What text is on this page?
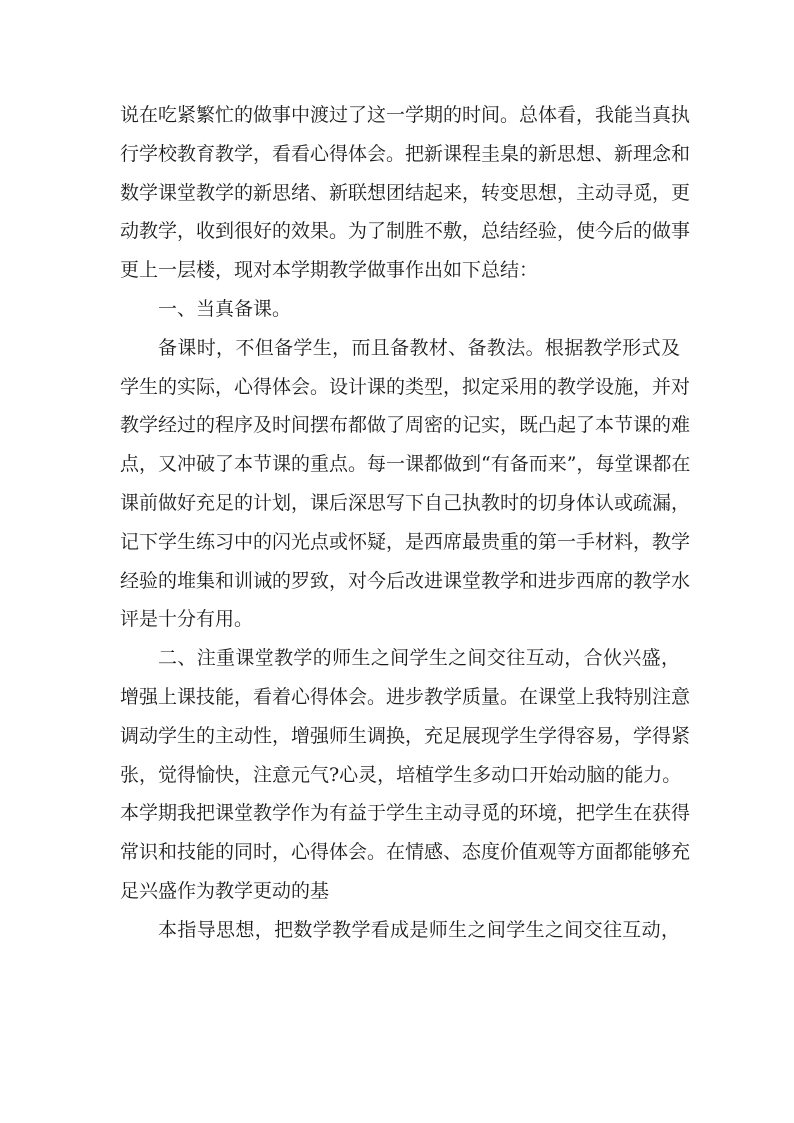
说在吃紧繁忙的做事中渡过了这一学期的时间。总体看，我能当真执
行学校教育教学，看看心得体会。把新课程圭臬的新思想、新理念和
数学课堂教学的新思绪、新联想团结起来，转变思想，主动寻觅，更
动教学，收到很好的效果。为了制胜不敷，总结经验，使今后的做事
更上一层楼，现对本学期教学做事作出如下总结：
一、当真备课。
备课时，不但备学生，而且备教材、备教法。根据教学形式及
学生的实际，心得体会。设计课的类型，拟定采用的教学设施，并对
教学经过的程序及时间摆布都做了周密的记实，既凸起了本节课的难
点，又冲破了本节课的重点。每一课都做到“有备而来”，每堂课都在
课前做好充足的计划，课后深思写下自己执教时的切身体认或疏漏，
记下学生练习中的闪光点或怀疑，是西席最贵重的第一手材料，教学
经验的堆集和训诫的罗致，对今后改进课堂教学和进步西席的教学水
评是十分有用。
二、注重课堂教学的师生之间学生之间交往互动，合伙兴盛，
增强上课技能，看着心得体会。进步教学质量。在课堂上我特别注意
调动学生的主动性，增强师生调换，充足展现学生学得容易，学得紧
张，觉得愉快，注意元气?心灵，培植学生多动口开始动脑的能力。
本学期我把课堂教学作为有益于学生主动寻觅的环境，把学生在获得
常识和技能的同时，心得体会。在情感、态度价值观等方面都能够充
足兴盛作为教学更动的基
本指导思想，把数学教学看成是师生之间学生之间交往互动，
